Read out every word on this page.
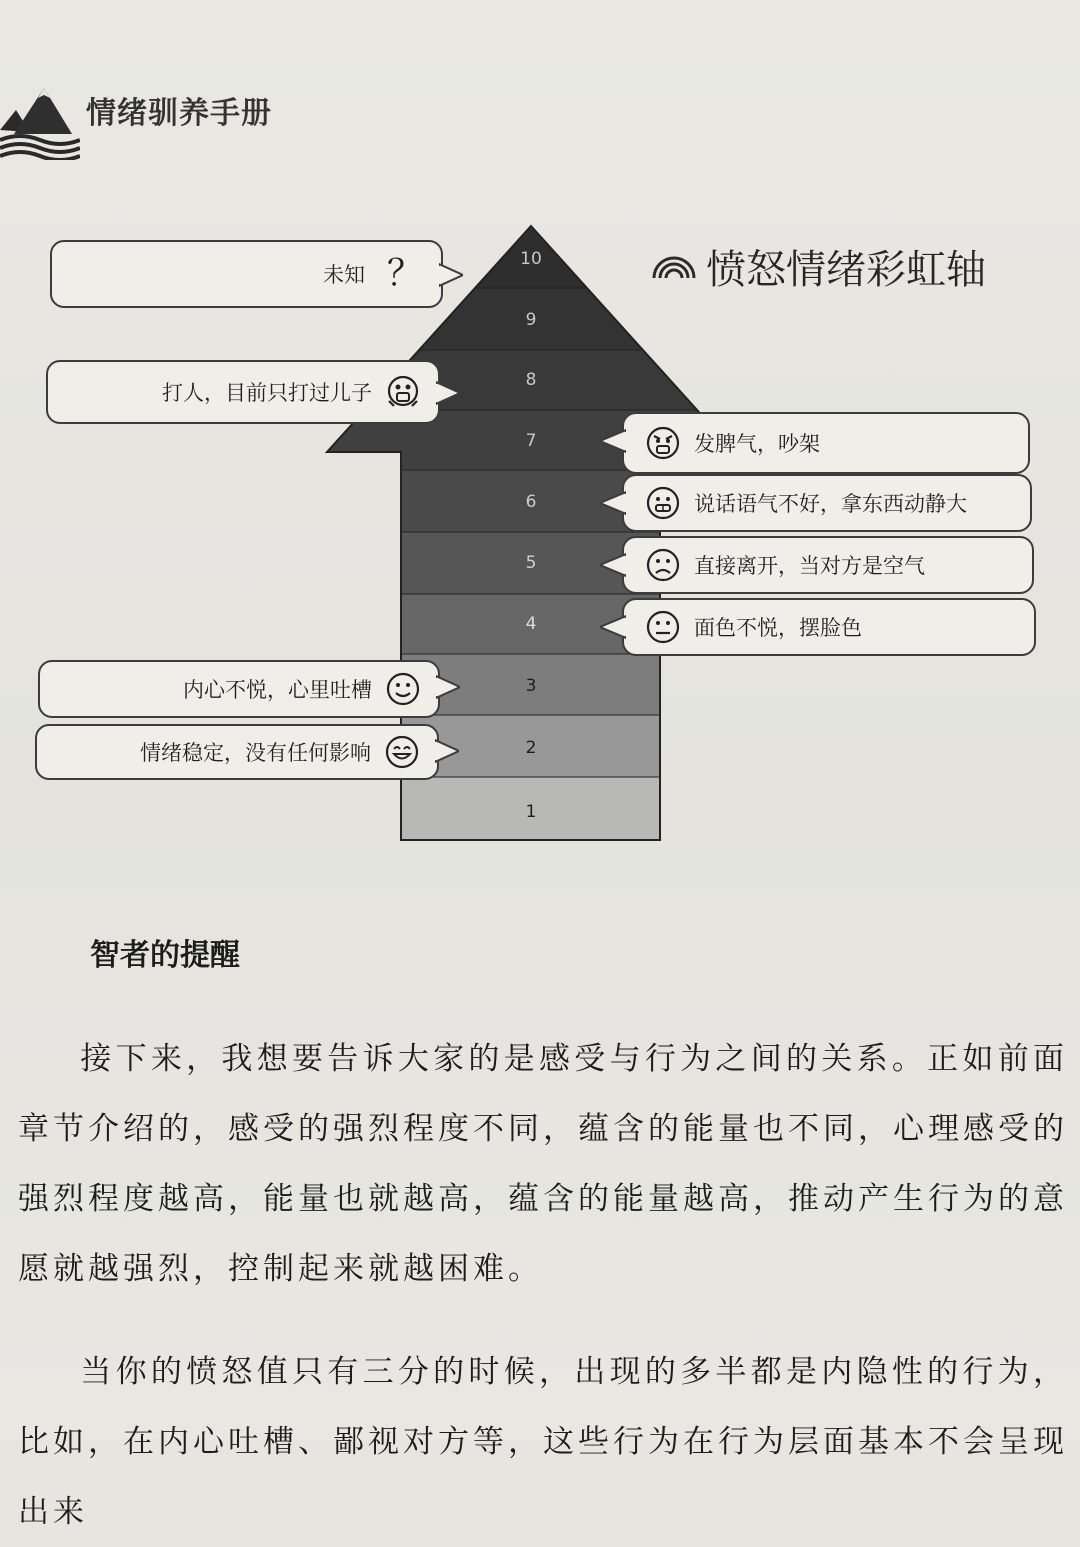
情绪驯养手册
10
9
8
7
6
5
4
3
2
1
愤怒情绪彩虹轴
未知 ？
打人，目前只打过儿子
内心不悦，心里吐槽
情绪稳定，没有任何影响
发脾气，吵架
说话语气不好，拿东西动静大
直接离开，当对方是空气
面色不悦，摆脸色
智者的提醒

接下来，我想要告诉大家的是感受与行为之间的关系。正如前面章节介绍的，感受的强烈程度不同，蕴含的能量也不同，心理感受的强烈程度越高，能量也就越高，蕴含的能量越高，推动产生行为的意愿就越强烈，控制起来就越困难。

当你的愤怒值只有三分的时候，出现的多半都是内隐性的行为，比如，在内心吐槽、鄙视对方等，这些行为在行为层面基本不会呈现出来
